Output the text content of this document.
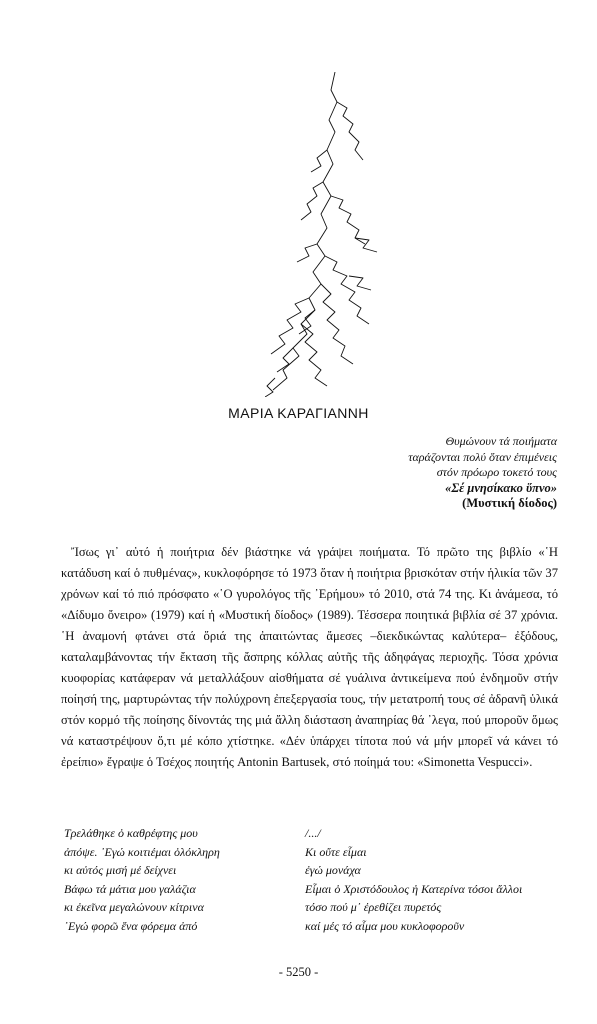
ΜΑΡΙΑ ΚΑΡΑΓΙΑΝΝΗ
Θυμώνουν τά ποιήματα
ταράζονται πολύ ὅταν ἐπιμένεις
στόν πρόωρο τοκετό τους
«Σέ μνησίκακο ὕπνο»
(Μυστική δίοδος)

Ἴσως γι᾿ αὐτό ἡ ποιήτρια δέν βιάστηκε νά γράψει ποιήματα. Τό πρῶτο της βιβλίο «῾Η κατάδυση καί ὁ πυθμένας», κυκλοφόρησε τό 1973 ὅταν ἡ ποιήτρια βρισκόταν στήν ἡλικία τῶν 37 χρόνων καί τό πιό πρόσφατο «῾Ο γυρολόγος τῆς ᾿Ερήμου» τό 2010, στά 74 της. Κι ἀνάμεσα, τό «Δίδυμο ὄνειρο» (1979) καί ἡ «Μυστική δίοδος» (1989). Τέσσερα ποιητικά βιβλία σέ 37 χρόνια. ῾Η ἀναμονή φτάνει στά ὅριά της ἀπαιτώντας ἄμεσες –διεκδικώντας καλύτερα– ἐξόδους, καταλαμβάνοντας τήν ἔκταση τῆς ἄσπρης κόλλας αὐτῆς τῆς ἀδηφάγας περιοχῆς. Τόσα χρόνια κυοφορίας κατάφεραν νά μεταλλάξουν αἰσθήματα σέ γυάλινα ἀντικείμενα πού ἐνδημοῦν στήν ποίησή της, μαρτυρώντας τήν πολύχρονη ἐπεξεργασία τους, τήν μετατροπή τους σέ ἀδρανῆ ὑλικά στόν κορμό τῆς ποίησης δίνοντάς της μιά ἄλλη διάσταση ἀναπηρίας θά ᾿λεγα, πού μποροῦν ὅμως νά καταστρέψουν ὅ,τι μέ κόπο χτίστηκε. «Δέν ὑπάρχει τίποτα πού νά μήν μπορεῖ νά κάνει τό ἐρείπιο» ἔγραψε ὁ Τσέχος ποιητής Antonin Bartusek, στό ποίημά του: «Simonetta Vespucci».

Τρελάθηκε ὁ καθρέφτης μου
ἀπόψε. ᾿Εγώ κοιτιέμαι ὁλόκληρη
κι αὐτός μισή μέ δείχνει
Βάφω τά μάτια μου γαλάζια
κι ἐκεῖνα μεγαλώνουν κίτρινα
᾿Εγώ φορῶ ἕνα φόρεμα ἀπό
/.../
Κι οὔτε εἶμαι
ἐγώ μονάχα
Εἶμαι ὁ Χριστόδουλος ἡ Κατερίνα τόσοι ἄλλοι
τόσο πού μ᾿ ἐρεθίζει πυρετός
καί μές τό αἷμα μου κυκλοφοροῦν
- 5250 -
